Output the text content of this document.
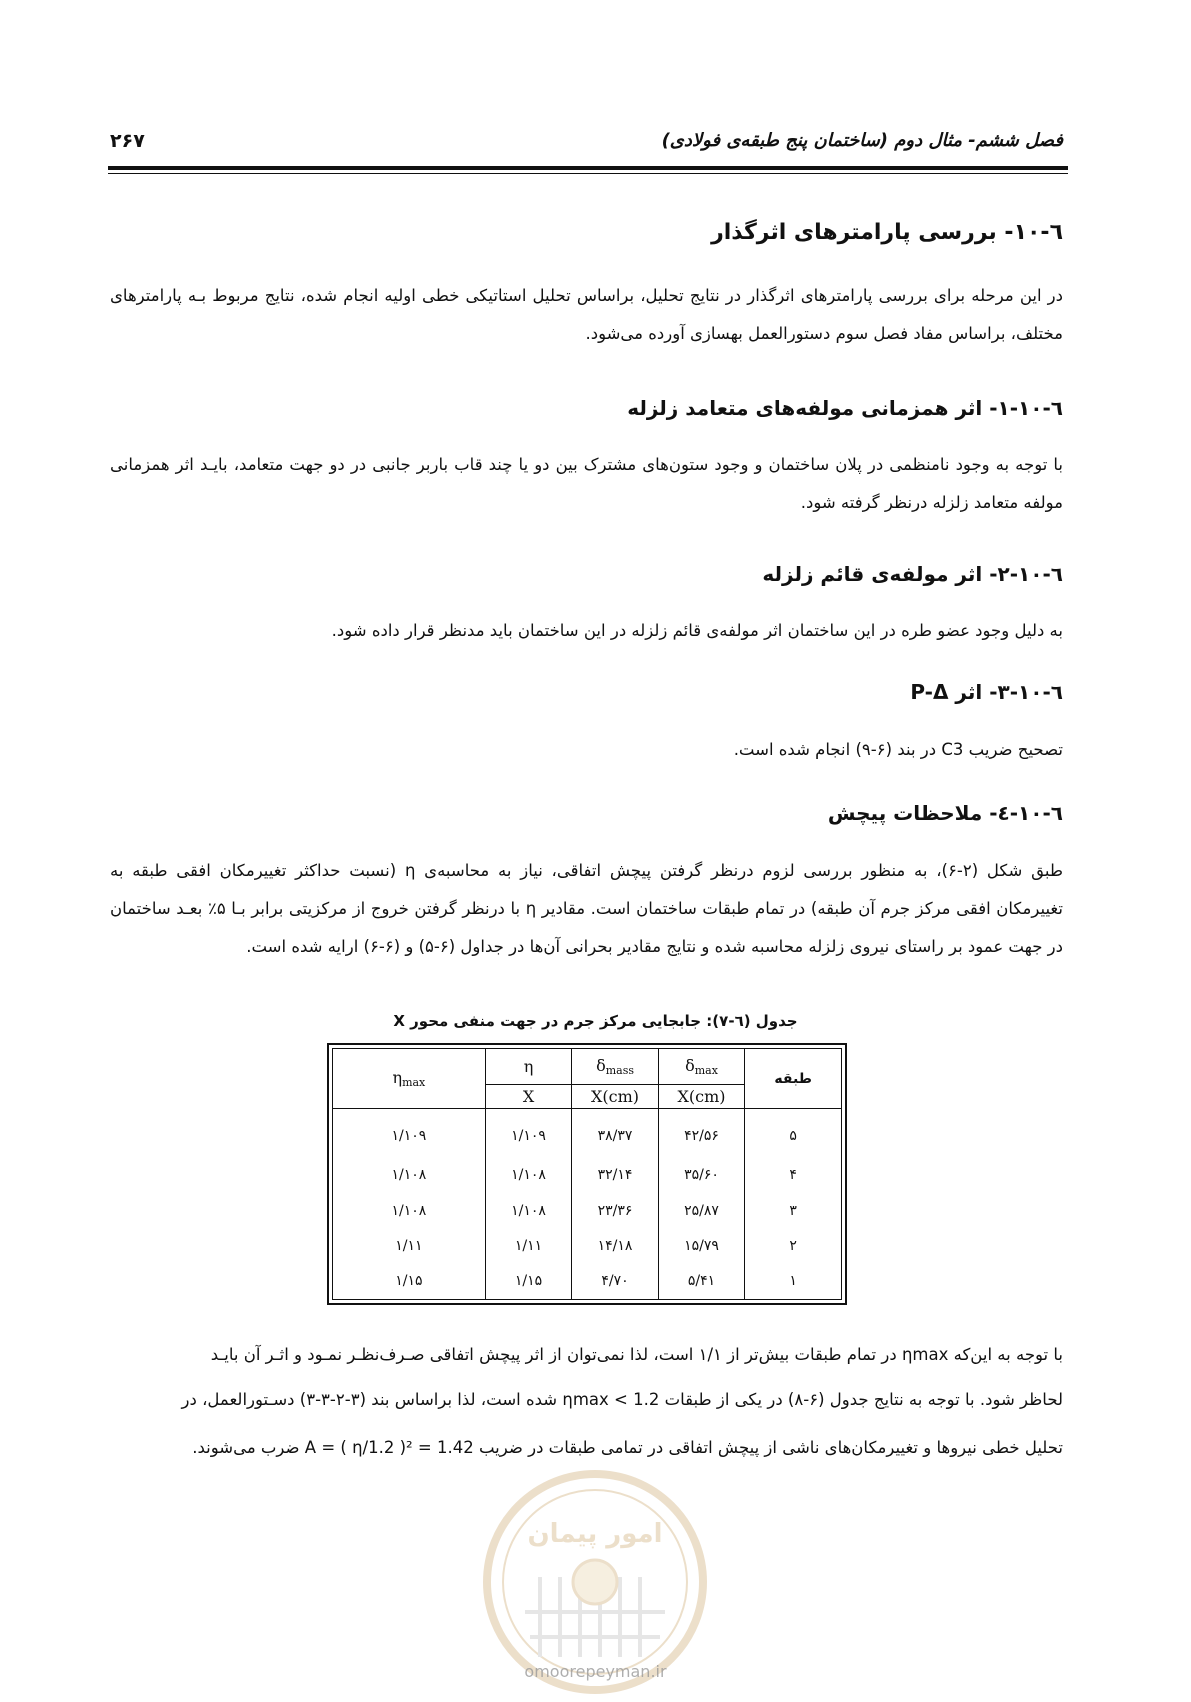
فصل ششم- مثال دوم (ساختمان پنج طبقه‌ی فولادی)
۲۶۷
٦-١٠- بررسی پارامترهای اثرگذار
در این مرحله برای بررسی پارامترهای اثرگذار در نتایج تحلیل، براساس تحلیل استاتیکی خطی اولیه انجام شده، نتایج مربوط بـه پارامترهای مختلف، براساس مفاد فصل سوم دستورالعمل بهسازی آورده می‌شود.
٦-١٠-١- اثر همزمانی مولفه‌های متعامد زلزله
با توجه به وجود نامنظمی در پلان ساختمان و وجود ستون‌های مشترک بین دو یا چند قاب باربر جانبی در دو جهت متعامد، بایـد اثر همزمانی مولفه متعامد زلزله درنظر گرفته شود.
٦-١٠-٢- اثر مولفه‌ی قائم زلزله
به دلیل وجود عضو طره در این ساختمان اثر مولفه‌ی قائم زلزله در این ساختمان باید مدنظر قرار داده شود.
٦-١٠-٣- اثر P-Δ
تصحیح ضریب C3 در بند (۶-۹) انجام شده است.
٦-١٠-٤- ملاحظات پیچش
طبق شکل (۲-۶)، به منظور بررسی لزوم درنظر گرفتن پیچش اتفاقی، نیاز به محاسبه‌ی η (نسبت حداکثر تغییرمکان افقی طبقه به تغییرمکان افقی مرکز جرم آن طبقه) در تمام طبقات ساختمان است. مقادیر η با درنظر گرفتن خروج از مرکزیتی برابر بـا ۵٪ بعـد ساختمان در جهت عمود بر راستای نیروی زلزله محاسبه شده و نتایج مقادیر بحرانی آن‌ها در جداول (۶-۵) و (۶-۶) ارایه شده است.
جدول (٦-٧): جابجایی مرکز جرم در جهت منفی محور X
طبقه	$\delta_{max}$	$\delta_{mass}$	η	$\eta_{max}$
	X(cm)	X(cm)	X	
۵	۴۲/۵۶	۳۸/۳۷	۱/۱۰۹	۱/۱۰۹
۴	۳۵/۶۰	۳۲/۱۴	۱/۱۰۸	۱/۱۰۸
۳	۲۵/۸۷	۲۳/۳۶	۱/۱۰۸	۱/۱۰۸
۲	۱۵/۷۹	۱۴/۱۸	۱/۱۱	۱/۱۱
۱	۵/۴۱	۴/۷۰	۱/۱۵	۱/۱۵
با توجه به این‌که ηmax در تمام طبقات بیش‌تر از ۱/۱ است، لذا نمی‌توان از اثر پیچش اتفاقی صـرف‌نظـر نمـود و اثـر آن بایـد
لحاظر شود. با توجه به نتایج جدول (۶-۸) در یکی از طبقات ηmax < 1.2 شده است، لذا براساس بند (۳-۲-۳-۳) دسـتورالعمل، در
تحلیل خطی نیروها و تغییرمکان‌های ناشی از پیچش اتفاقی در تمامی طبقات در ضریب A = ( η/1.2 )² = 1.42 ضرب می‌شوند.
امور پیمان
omoorepeyman.ir
